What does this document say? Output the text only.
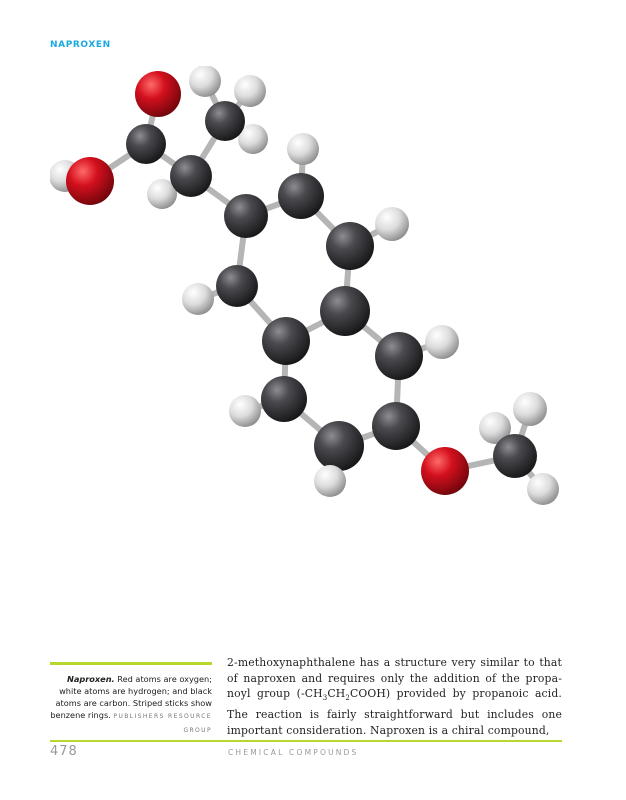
NAPROXEN
Naproxen. Red atoms are oxygen; white atoms are hydrogen; and black atoms are carbon. Striped sticks show benzene rings. PUBLISHERS RESOURCE GROUP
2-methoxynaphthalene has a structure very similar to that of naproxen and requires only the addition of the propa-noyl group $(-CH_3CH_2COOH)$ provided by propanoic acid. The reaction is fairly straightforward but includes one important consideration. Naproxen is a chiral compound,
478	CHEMICAL COMPOUNDS
